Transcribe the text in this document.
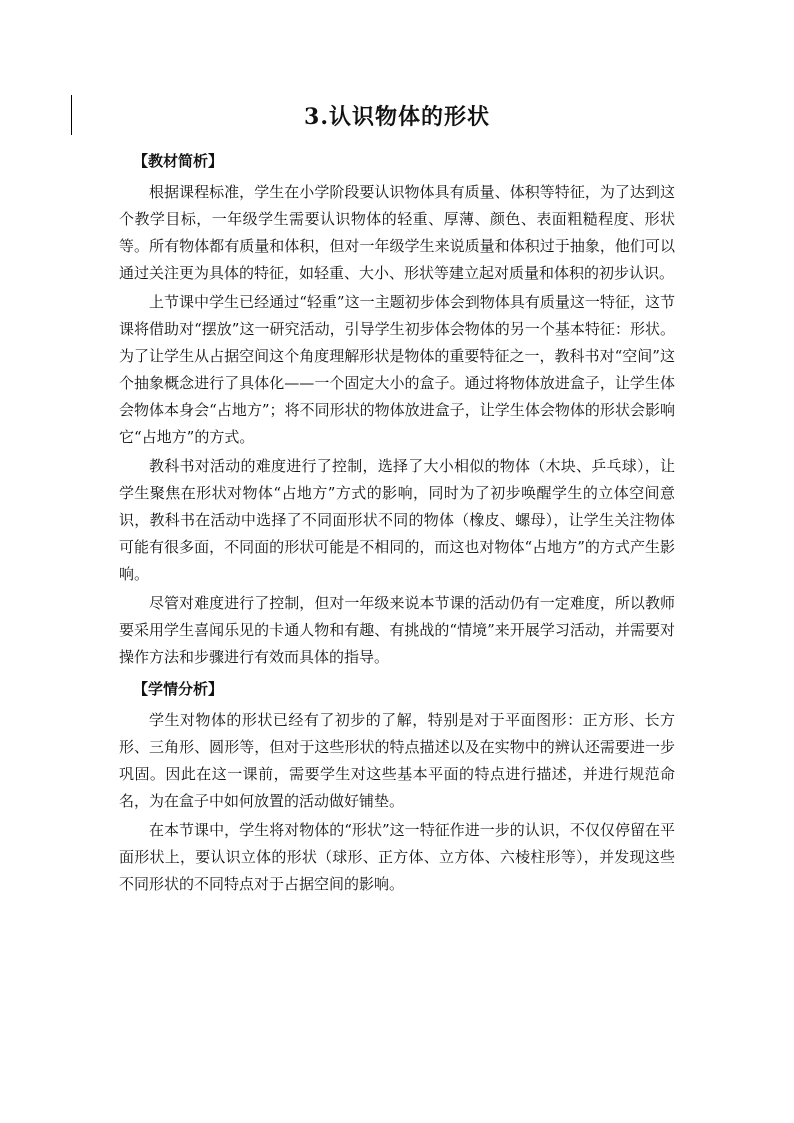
3.认识物体的形状
【教材简析】

根据课程标准，学生在小学阶段要认识物体具有质量、体积等特征，为了达到这个教学目标，一年级学生需要认识物体的轻重、厚薄、颜色、表面粗糙程度、形状等。所有物体都有质量和体积，但对一年级学生来说质量和体积过于抽象，他们可以通过关注更为具体的特征，如轻重、大小、形状等建立起对质量和体积的初步认识。

上节课中学生已经通过“轻重”这一主题初步体会到物体具有质量这一特征，这节课将借助对“摆放”这一研究活动，引导学生初步体会物体的另一个基本特征：形状。为了让学生从占据空间这个角度理解形状是物体的重要特征之一，教科书对“空间”这个抽象概念进行了具体化——一个固定大小的盒子。通过将物体放进盒子，让学生体会物体本身会“占地方”；将不同形状的物体放进盒子，让学生体会物体的形状会影响它“占地方”的方式。

教科书对活动的难度进行了控制，选择了大小相似的物体（木块、乒乓球），让学生聚焦在形状对物体“占地方”方式的影响，同时为了初步唤醒学生的立体空间意识，教科书在活动中选择了不同面形状不同的物体（橡皮、螺母），让学生关注物体可能有很多面，不同面的形状可能是不相同的，而这也对物体“占地方”的方式产生影响。

尽管对难度进行了控制，但对一年级来说本节课的活动仍有一定难度，所以教师要采用学生喜闻乐见的卡通人物和有趣、有挑战的“情境”来开展学习活动，并需要对操作方法和步骤进行有效而具体的指导。

【学情分析】

学生对物体的形状已经有了初步的了解，特别是对于平面图形：正方形、长方形、三角形、圆形等，但对于这些形状的特点描述以及在实物中的辨认还需要进一步巩固。因此在这一课前，需要学生对这些基本平面的特点进行描述，并进行规范命名，为在盒子中如何放置的活动做好铺垫。

在本节课中，学生将对物体的“形状”这一特征作进一步的认识，不仅仅停留在平面形状上，要认识立体的形状（球形、正方体、立方体、六棱柱形等），并发现这些不同形状的不同特点对于占据空间的影响。
